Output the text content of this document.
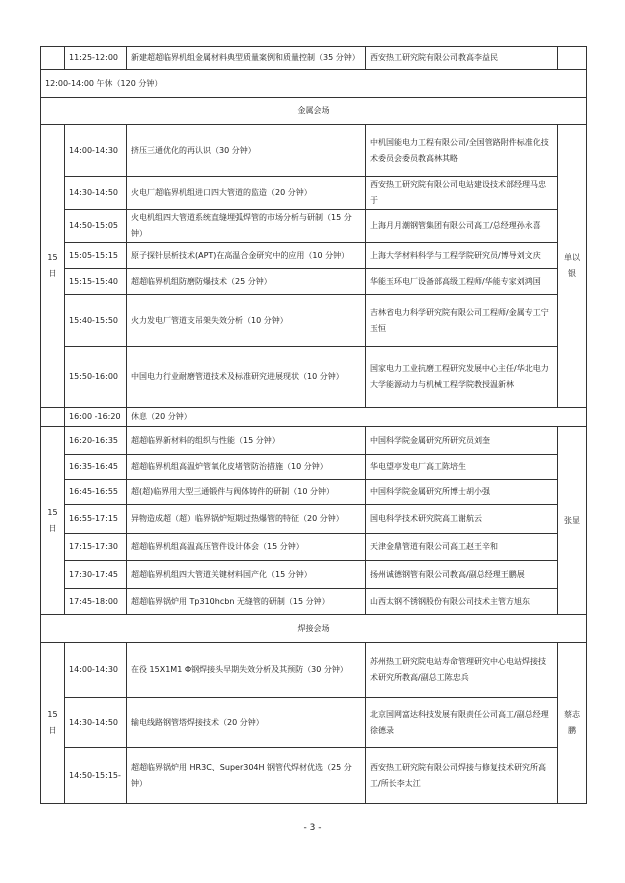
	11:25-12:00	新建超超临界机组金属材料典型质量案例和质量控制（35 分钟）	西安热工研究院有限公司教高李益民	
12:00-14:00 午休（120 分钟）				
金属会场				
15 日	14:00-14:30	挤压三通优化的再认识（30 分钟）	中机国能电力工程有限公司/全国管路附件标准化技术委员会委员教高林其略	单以银
	14:30-14:50	火电厂超临界机组进口四大管道的监造（20 分钟）	西安热工研究院有限公司电站建设技术部经理马忠于	
	14:50-15:05	火电机组四大管道系统直缝埋弧焊管的市场分析与研制（15 分钟）	上海月月潮钢管集团有限公司高工/总经理孙永喜	
	15:05-15:15	原子探针层析技术(APT)在高温合金研究中的应用（10 分钟）	上海大学材料科学与工程学院研究员/博导刘文庆	
	15:15-15:40	超超临界机组防磨防爆技术（25 分钟）	华能玉环电厂设备部高级工程师/华能专家刘鸿国	
	15:40-15:50	火力发电厂管道支吊架失效分析（10 分钟）	吉林省电力科学研究院有限公司工程师/金属专工宁玉恒	
	15:50-16:00	中国电力行业耐磨管道技术及标准研究进展现状（10 分钟）	国家电力工业抗磨工程研究发展中心主任/华北电力大学能源动力与机械工程学院教授温新林	
	16:00 -16:20	休息（20 分钟）		
15 日	16:20-16:35	超超临界新材料的组织与性能（15 分钟）	中国科学院金属研究所研究员刘奎	张显
	16:35-16:45	超超临界机组高温炉管氧化皮堵管防治措施（10 分钟）	华电望亭发电厂高工陈培生	
	16:45-16:55	超(超)临界用大型三通锻件与阀体铸件的研制（10 分钟）	中国科学院金属研究所博士胡小强	
	16:55-17:15	异物造成超（超）临界锅炉短期过热爆管的特征（20 分钟）	国电科学技术研究院高工谢航云	
	17:15-17:30	超超临界机组高温高压管件设计体会（15 分钟）	天津金鼎管道有限公司高工赵王辛和	
	17:30-17:45	超超临界机组四大管道关键材料国产化（15 分钟）	扬州诚德钢管有限公司教高/副总经理王鹏展	
	17:45-18:00	超超临界锅炉用 Tp310hcbn 无缝管的研制（15 分钟）	山西太钢不锈钢股份有限公司技术主管方旭东	
焊接会场				
15 日	14:00-14:30	在役 15X1M1 Φ钢焊接头早期失效分析及其预防（30 分钟）	苏州热工研究院电站寿命管理研究中心电站焊接技术研究所教高/副总工陈忠兵	蔡志鹏
	14:30-14:50	输电线路钢管塔焊接技术（20 分钟）	北京国网富达科技发展有限责任公司高工/副总经理徐德录	
	14:50-15:15-	超超临界锅炉用 HR3C、Super304H 钢管代焊材优选（25 分钟）	西安热工研究院有限公司焊接与修复技术研究所高工/所长李太江	
- 3 -
